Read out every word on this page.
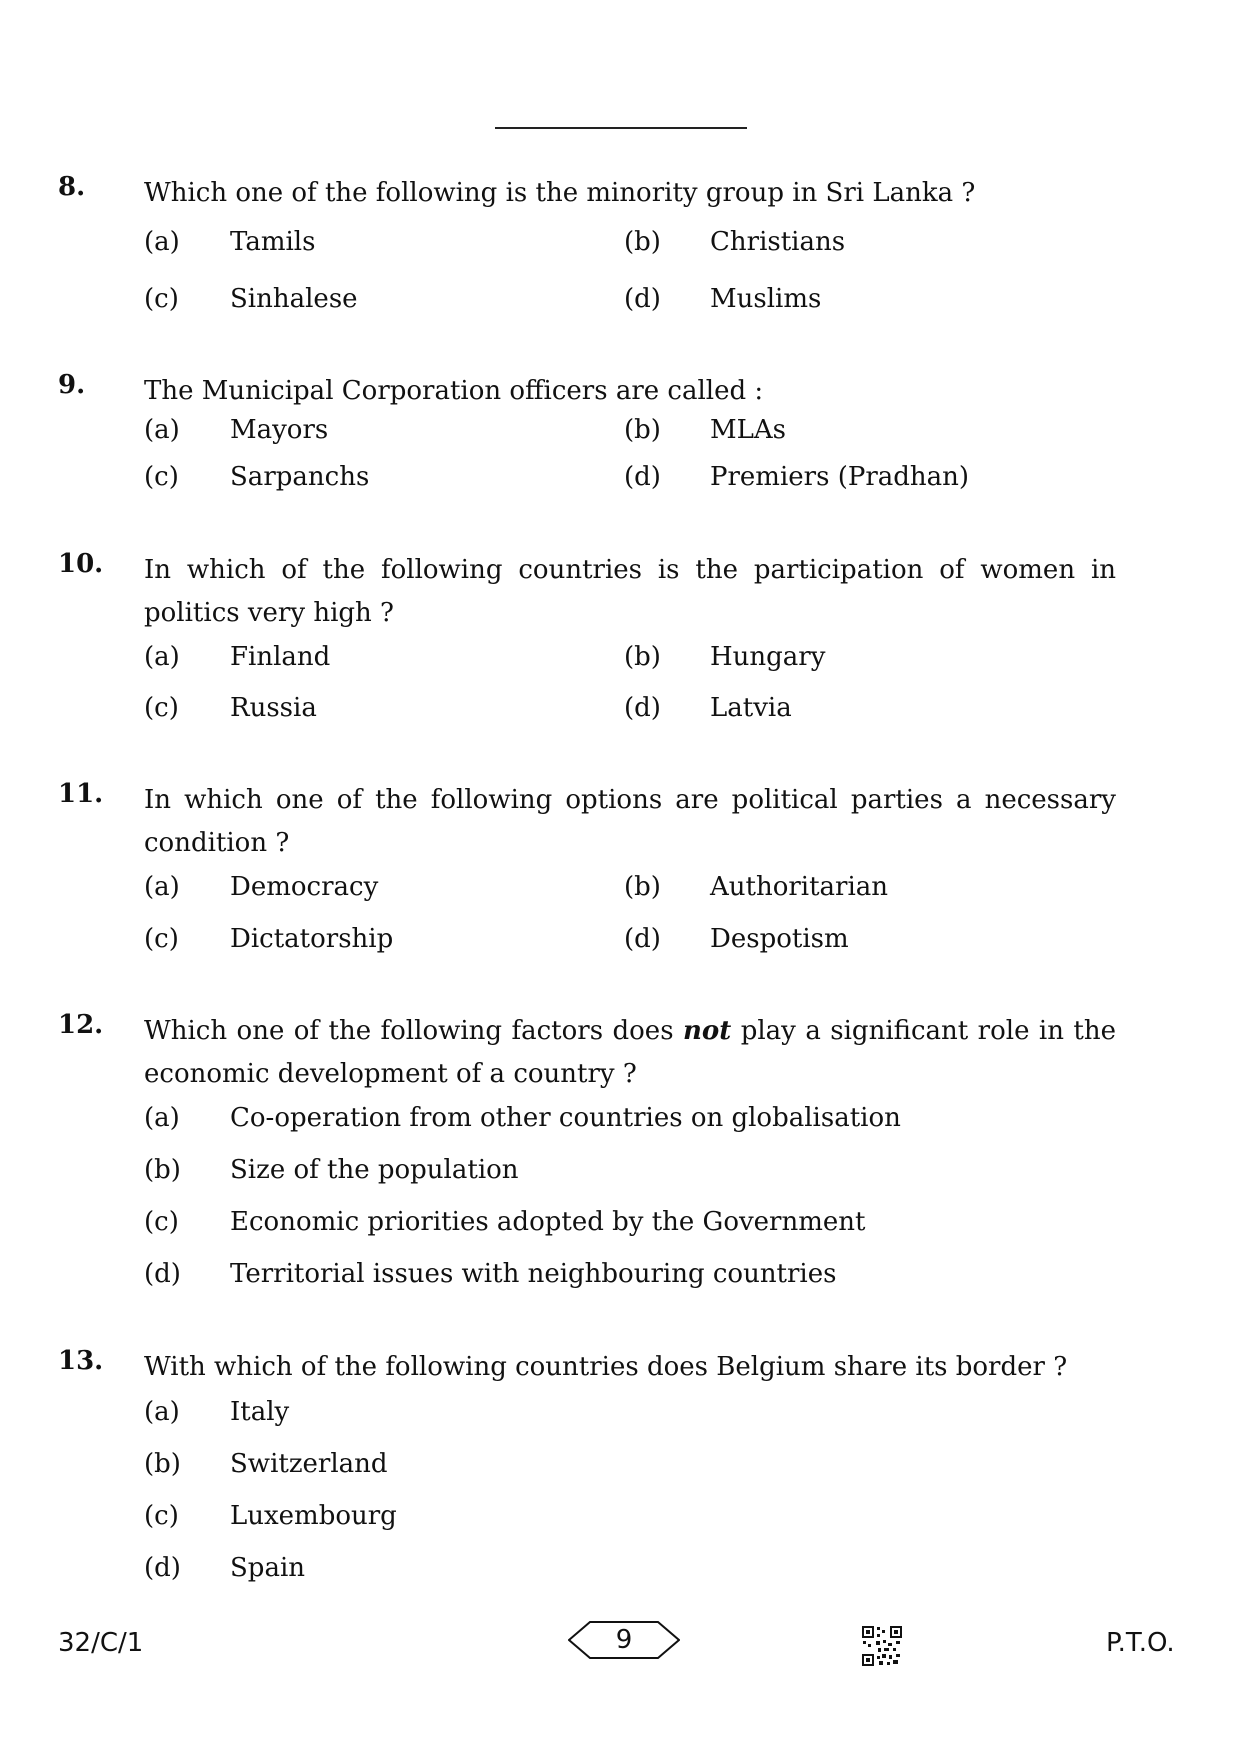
8. Which one of the following is the minority group in Sri Lanka ?
(a) Tamils	(b) Christians
(c) Sinhalese	(d) Muslims
9. The Municipal Corporation officers are called :
(a) Mayors	(b) MLAs
(c) Sarpanchs	(d) Premiers (Pradhan)
10. In which of the following countries is the participation of women in
politics very high ?
(a) Finland	(b) Hungary
(c) Russia	(d) Latvia
11. In which one of the following options are political parties a necessary
condition ?
(a) Democracy	(b) Authoritarian
(c) Dictatorship	(d) Despotism
12. Which one of the following factors does not play a significant role in the
economic development of a country ?
(a) Co-operation from other countries on globalisation
(b) Size of the population
(c) Economic priorities adopted by the Government
(d) Territorial issues with neighbouring countries
13. With which of the following countries does Belgium share its border ?
(a) Italy
(b) Switzerland
(c) Luxembourg
(d) Spain
32/C/1	9	P.T.O.
